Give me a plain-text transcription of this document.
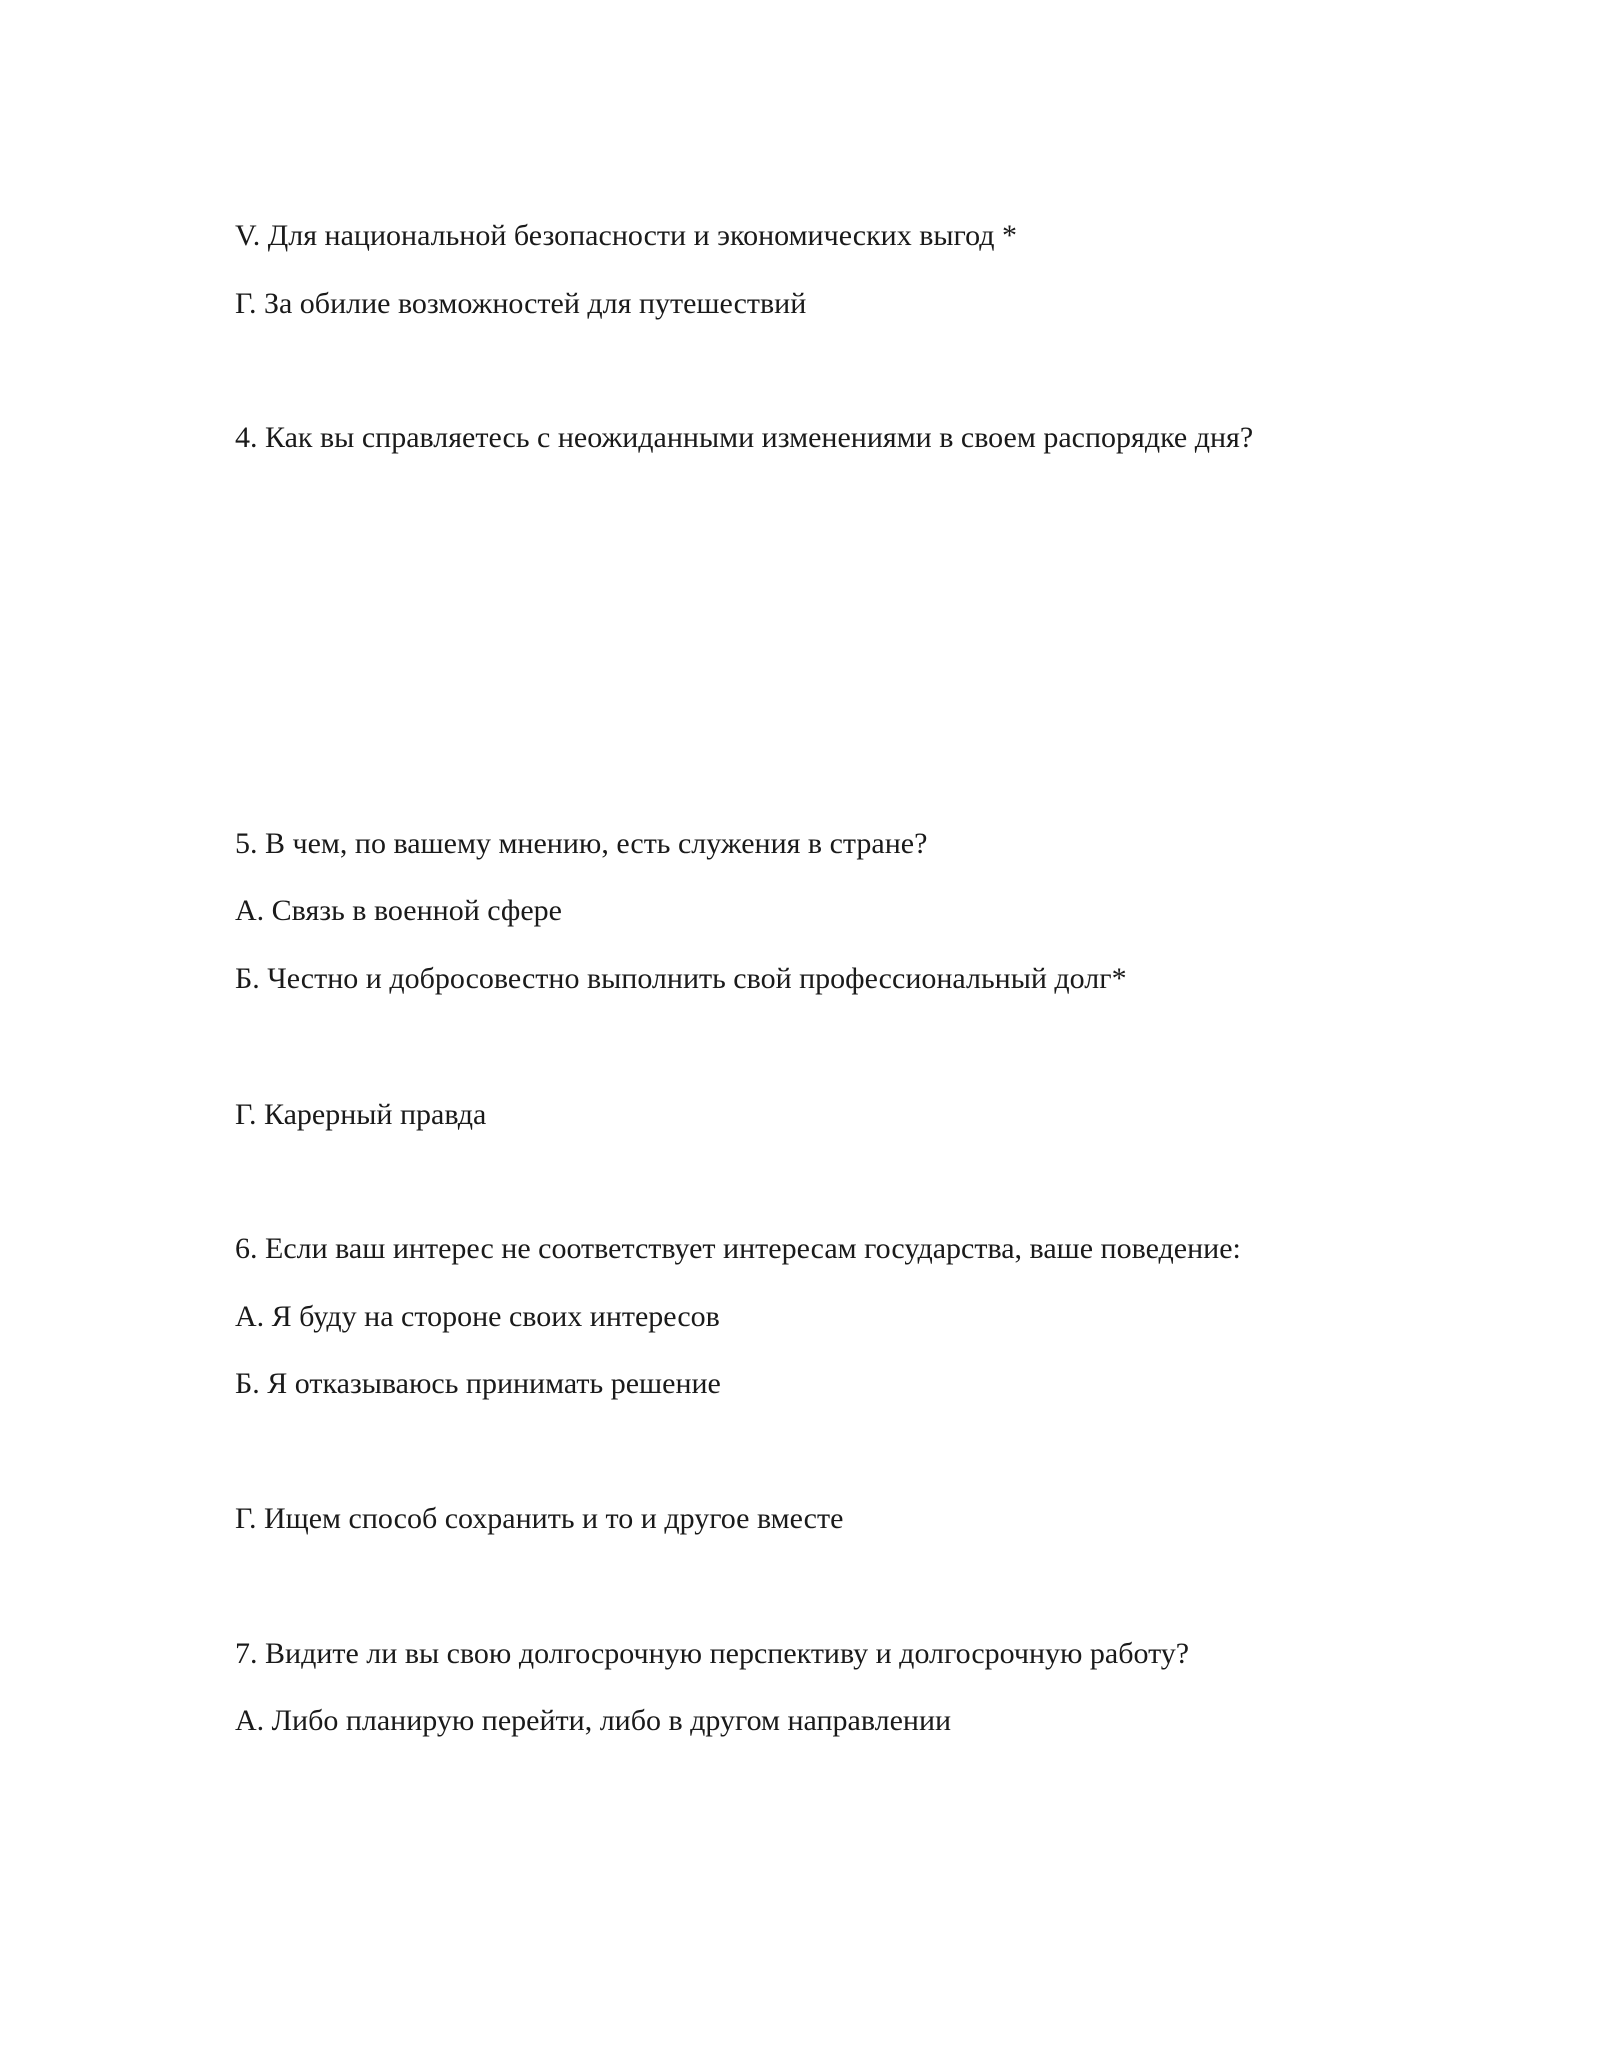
V. Для национальной безопасности и экономических выгод *

Г. За обилие возможностей для путешествий

4. Как вы справляетесь с неожиданными изменениями в своем распорядке дня?

5. В чем, по вашему мнению, есть служения в стране?

А. Связь в военной сфере

Б. Честно и добросовестно выполнить свой профессиональный долг*

Г. Карерный правда

6. Если ваш интерес не соответствует интересам государства, ваше поведение:

А. Я буду на стороне своих интересов

Б. Я отказываюсь принимать решение

Г. Ищем способ сохранить и то и другое вместе

7. Видите ли вы свою долгосрочную перспективу и долгосрочную работу?

А. Либо планирую перейти, либо в другом направлении
